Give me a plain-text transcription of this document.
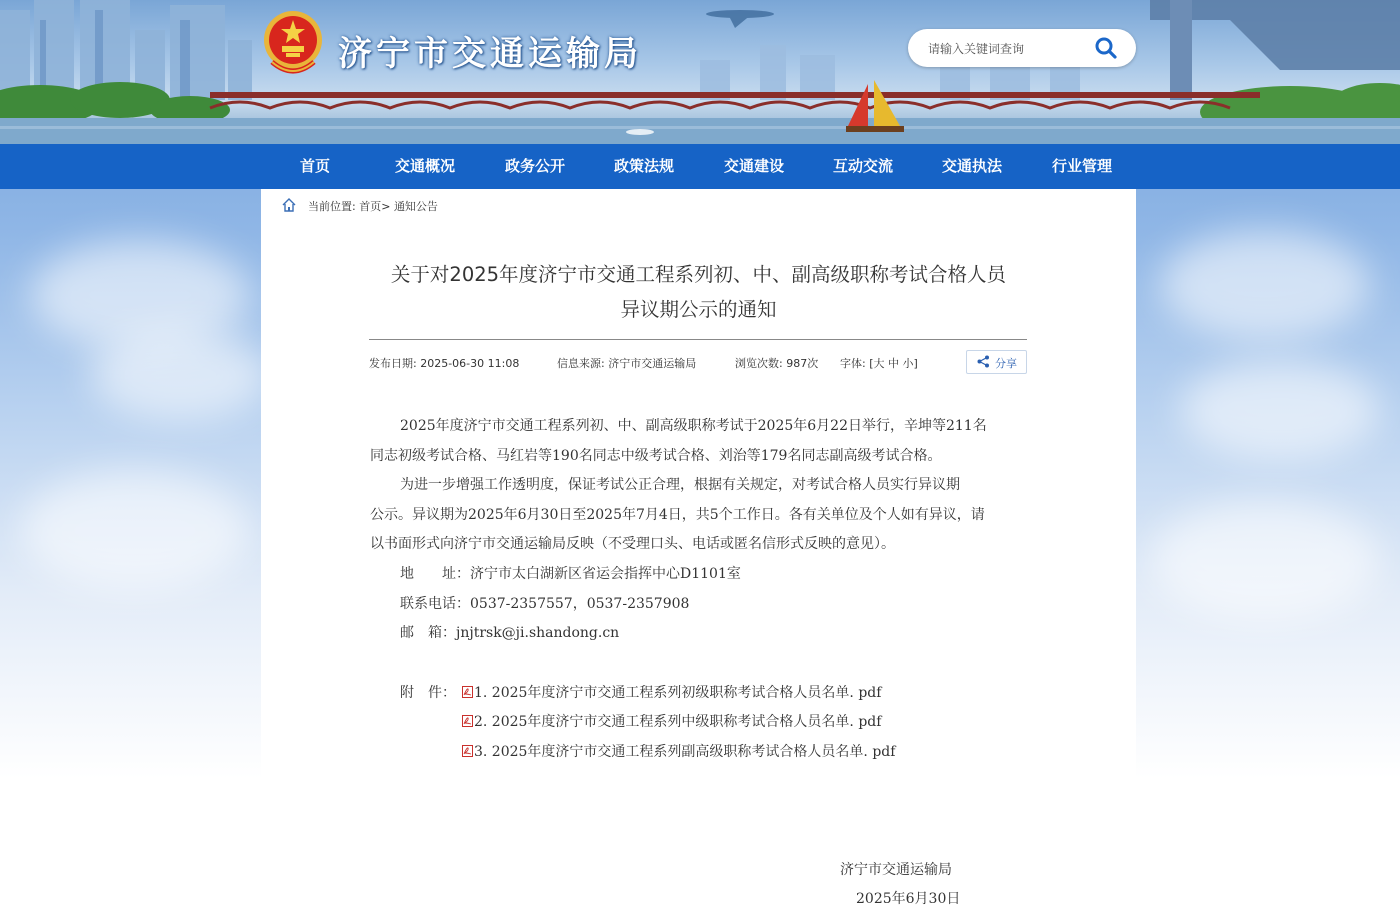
济宁市交通运输局
请输入关键词查询
首页	交通概况	政务公开	政策法规	交通建设	互动交流	交通执法	行业管理
当前位置: 首页> 通知公告
关于对2025年度济宁市交通工程系列初、中、副高级职称考试合格人员
异议期公示的通知
发布日期: 2025-06-30 11:08	信息来源: 济宁市交通运输局	浏览次数: 987次 字体: [大 中 小]	分享
2025年度济宁市交通工程系列初、中、副高级职称考试于2025年6月22日举行，辛坤等211名
同志初级考试合格、马红岩等190名同志中级考试合格、刘治等179名同志副高级考试合格。
为进一步增强工作透明度，保证考试公正合理，根据有关规定，对考试合格人员实行异议期
公示。异议期为2025年6月30日至2025年7月4日，共5个工作日。各有关单位及个人如有异议，请
以书面形式向济宁市交通运输局反映（不受理口头、电话或匿名信形式反映的意见）。
地　　址：济宁市太白湖新区省运会指挥中心D1101室
联系电话：0537-2357557，0537-2357908
邮　箱：jnjtrsk@ji.shandong.cn
附　件：	1. 2025年度济宁市交通工程系列初级职称考试合格人员名单. pdf
2. 2025年度济宁市交通工程系列中级职称考试合格人员名单. pdf
3. 2025年度济宁市交通工程系列副高级职称考试合格人员名单. pdf
济宁市交通运输局
2025年6月30日
